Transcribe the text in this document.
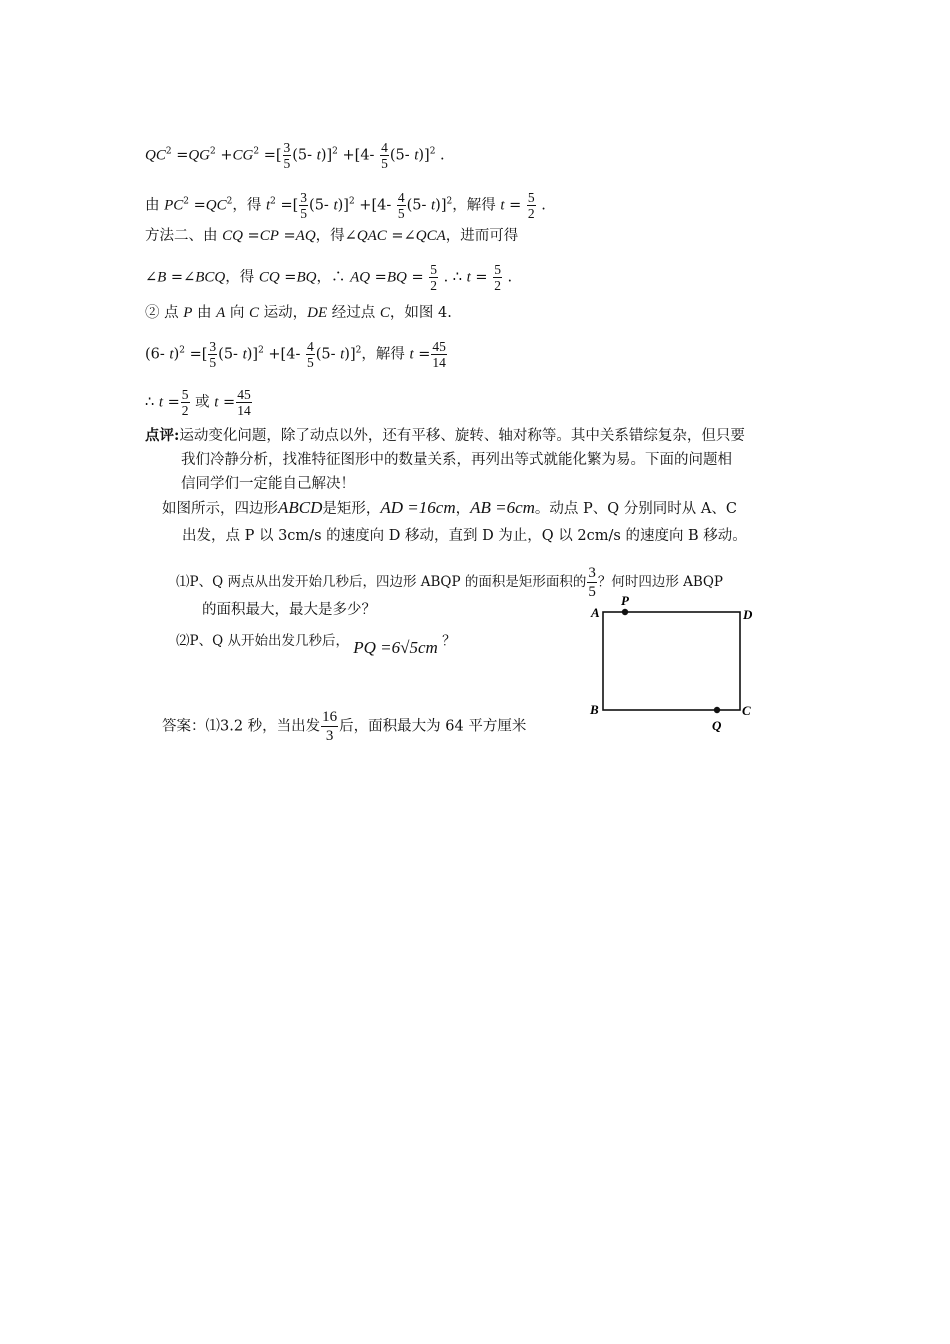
$QC^2 =QG^2 +CG^2$ =[ $\frac{3}{5} (5-$ $t)]^2 +[4- \frac{4}{5} (5-$ t)]$^2$ .
由 $PC^2 =QC^2$，得 $t^2$ =[ $\frac{3}{5} (5-$ $t)]^2 +[4- \frac{4}{5} (5-$ t)]$^2$，解得 $t = \frac{5}{2}$ .
方法二、由 CQ =CP =AQ，得∠QAC =∠QCA，进而可得
∠B =∠BCQ，得 CQ =BQ，∴ AQ $=BQ = \frac{5}{2}$ . ∴ $t = \frac{5}{2}$ .
② 点 P 由 A 向 C 运动，DE 经过点 C，如图 4.
(6- t)$^2$ =[ $\frac{3}{5} (5-$ $t)]^2 +[4- \frac{4}{5} (5-$ t)]$^2$，解得 $t = \frac{45}{14}$
∴ $t = \frac{5}{2}$ 或 $t = \frac{45}{14}$
点评:运动变化问题，除了动点以外，还有平移、旋转、轴对称等。其中关系错综复杂，但只要
我们冷静分析，找准特征图形中的数量关系，再列出等式就能化繁为易。下面的问题相
信同学们一定能自己解决！
如图所示，四边形ABCD是矩形，AD =16cm，AB =6cm。动点 P、Q 分别同时从 A、C
出发，点 P 以 3cm/s 的速度向 D 移动，直到 D 为止，Q 以 2cm/s 的速度向 B 移动。
⑴P、Q 两点从出发开始几秒后，四边形 ABQP 的面积是矩形面积的 $\frac{3}{5}$ ？何时四边形 ABQP
的面积最大，最大是多少？
⑵P、Q 从开始出发几秒后， PQ =6√5cm ？
答案：⑴3.2 秒，当出发 $\frac{16}{3}$ 后，面积最大为 64 平方厘米
A
P
D
B	C
Q
